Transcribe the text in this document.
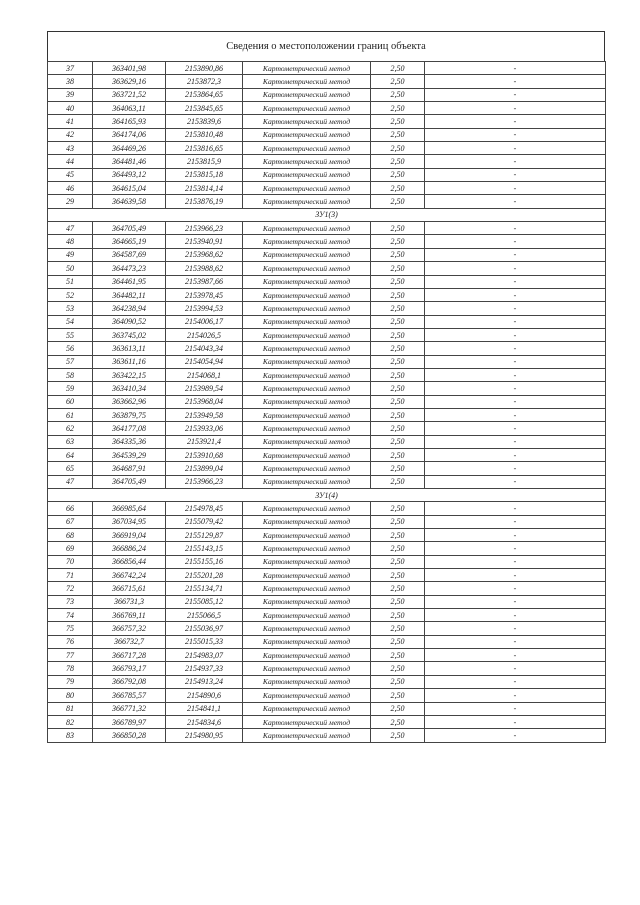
Сведения о местоположении границ объекта
37	363401,98	2153890,86	Картометрический метод	2,50	-
38	363629,16	2153872,3	Картометрический метод	2,50	-
39	363721,52	2153864,65	Картометрический метод	2,50	-
40	364063,11	2153845,65	Картометрический метод	2,50	-
41	364165,93	2153839,6	Картометрический метод	2,50	-
42	364174,06	2153810,48	Картометрический метод	2,50	-
43	364469,26	2153816,65	Картометрический метод	2,50	-
44	364481,46	2153815,9	Картометрический метод	2,50	-
45	364493,12	2153815,18	Картометрический метод	2,50	-
46	364615,04	2153814,14	Картометрический метод	2,50	-
29	364639,58	2153876,19	Картометрический метод	2,50	-
ЗУ1(3)					
47	364705,49	2153966,23	Картометрический метод	2,50	-
48	364665,19	2153940,91	Картометрический метод	2,50	-
49	364587,69	2153968,62	Картометрический метод	2,50	-
50	364473,23	2153988,62	Картометрический метод	2,50	-
51	364461,95	2153987,66	Картометрический метод	2,50	-
52	364482,11	2153978,45	Картометрический метод	2,50	-
53	364238,94	2153994,53	Картометрический метод	2,50	-
54	364090,52	2154006,17	Картометрический метод	2,50	-
55	363745,02	2154026,5	Картометрический метод	2,50	-
56	363613,11	2154043,34	Картометрический метод	2,50	-
57	363611,16	2154054,94	Картометрический метод	2,50	-
58	363422,15	2154068,1	Картометрический метод	2,50	-
59	363410,34	2153989,54	Картометрический метод	2,50	-
60	363662,96	2153968,04	Картометрический метод	2,50	-
61	363879,75	2153949,58	Картометрический метод	2,50	-
62	364177,08	2153933,06	Картометрический метод	2,50	-
63	364335,36	2153921,4	Картометрический метод	2,50	-
64	364539,29	2153910,68	Картометрический метод	2,50	-
65	364687,91	2153899,04	Картометрический метод	2,50	-
47	364705,49	2153966,23	Картометрический метод	2,50	-
ЗУ1(4)					
66	366985,64	2154978,45	Картометрический метод	2,50	-
67	367034,95	2155079,42	Картометрический метод	2,50	-
68	366919,04	2155129,87	Картометрический метод	2,50	-
69	366886,24	2155143,15	Картометрический метод	2,50	-
70	366856,44	2155155,16	Картометрический метод	2,50	-
71	366742,24	2155201,28	Картометрический метод	2,50	-
72	366715,61	2155134,71	Картометрический метод	2,50	-
73	366731,3	2155085,12	Картометрический метод	2,50	-
74	366769,11	2155066,5	Картометрический метод	2,50	-
75	366757,32	2155036,97	Картометрический метод	2,50	-
76	366732,7	2155015,33	Картометрический метод	2,50	-
77	366717,28	2154983,07	Картометрический метод	2,50	-
78	366793,17	2154937,33	Картометрический метод	2,50	-
79	366792,08	2154913,24	Картометрический метод	2,50	-
80	366785,57	2154890,6	Картометрический метод	2,50	-
81	366771,32	2154841,1	Картометрический метод	2,50	-
82	366789,97	2154834,6	Картометрический метод	2,50	-
83	366850,28	2154980,95	Картометрический метод	2,50	-
